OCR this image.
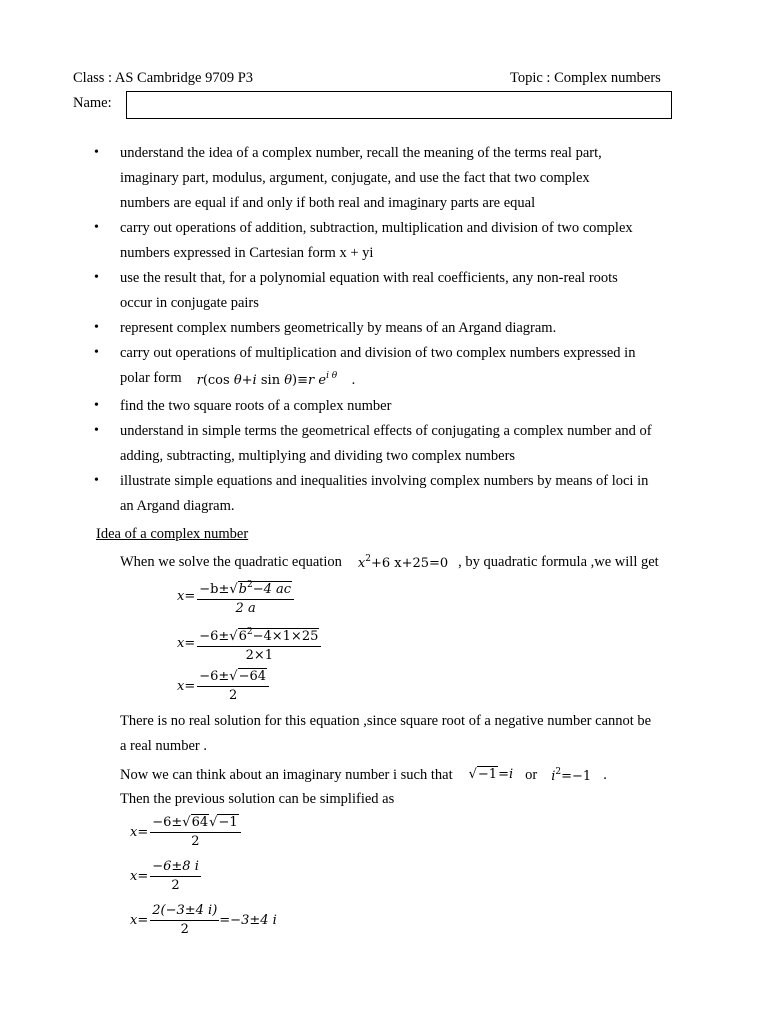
Class : AS Cambridge 9709 P3	Topic : Complex numbers
Name:
• understand the idea of a complex number, recall the meaning of the terms real part,
imaginary part, modulus, argument, conjugate, and use the fact that two complex
numbers are equal if and only if both real and imaginary parts are equal
• carry out operations of addition, subtraction, multiplication and division of two complex
numbers expressed in Cartesian form x + yi
• use the result that, for a polynomial equation with real coefficients, any non-real roots
occur in conjugate pairs
• represent complex numbers geometrically by means of an Argand diagram.
• carry out operations of multiplication and division of two complex numbers expressed in
polar form r(cos θ+i sin θ)≡r $e^{i \theta}$ .
• find the two square roots of a complex number
• understand in simple terms the geometrical effects of conjugating a complex number and of
adding, subtracting, multiplying and dividing two complex numbers
• illustrate simple equations and inequalities involving complex numbers by means of loci in
an Argand diagram.
Idea of a complex number
When we solve the quadratic equation $x^2+6$ x+25=0 , by quadratic formula ,we will get
$x= \frac{-b\pm√b^2-4 ac}{2 a}$
$x= \frac{-6\pm√6^2-4\times 1\times 25}{2\times 1}$
$x= \frac{-6\pm√-64}{2}$
There is no real solution for this equation ,since square root of a negative number cannot be
a real number .
Now we can think about an imaginary number i such that √−1=i or $i^2=-1$ .
Then the previous solution can be simplified as
$x= \frac{-6\pm√64√-1}{2}$
$x= \frac{-6\pm 8 i}{2}$
$x= \frac{2(-3\pm 4 i)}{2} =-3\pm 4$ i
